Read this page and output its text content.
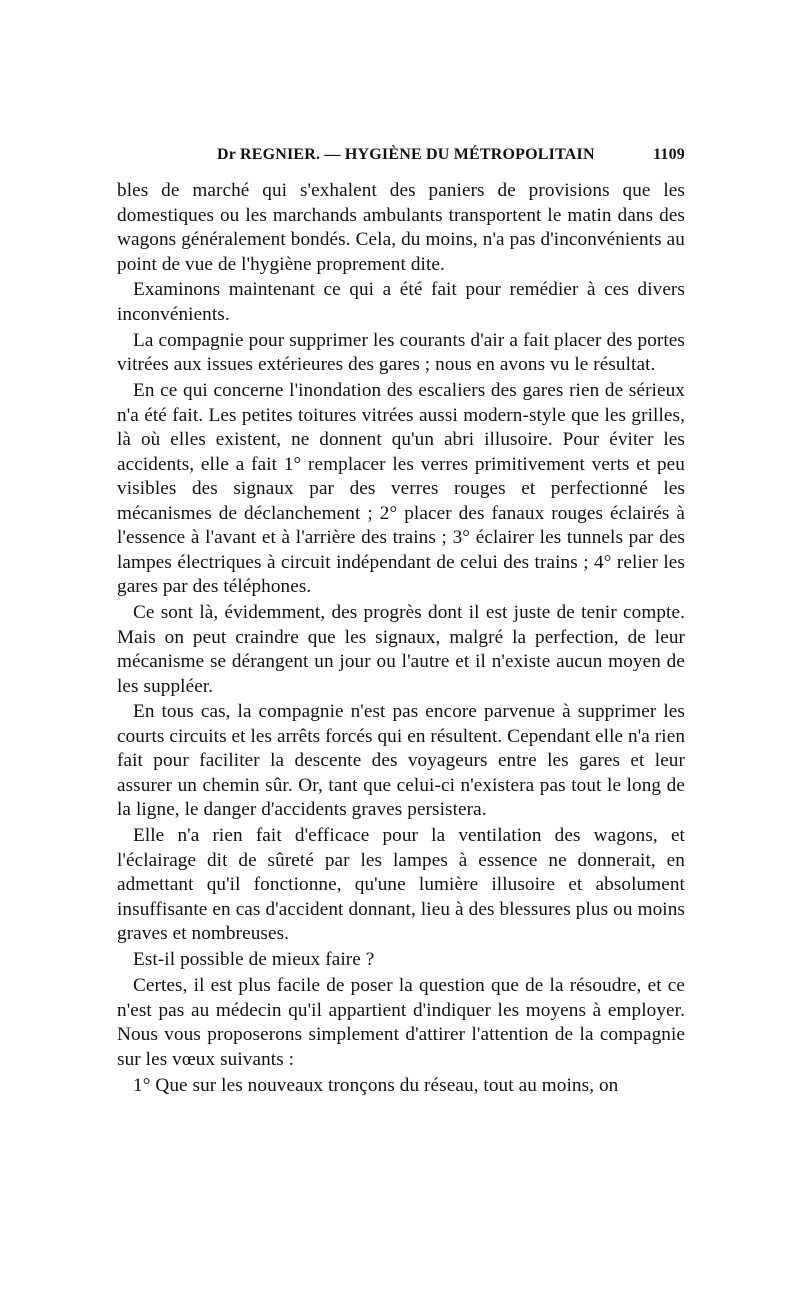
Dr REGNIER. — HYGIÈNE DU MÉTROPOLITAIN	1109

bles de marché qui s'exhalent des paniers de provisions que les domestiques ou les marchands ambulants transportent le matin dans des wagons généralement bondés. Cela, du moins, n'a pas d'inconvénients au point de vue de l'hygiène proprement dite.

Examinons maintenant ce qui a été fait pour remédier à ces divers inconvénients.

La compagnie pour supprimer les courants d'air a fait placer des portes vitrées aux issues extérieures des gares ; nous en avons vu le résultat.

En ce qui concerne l'inondation des escaliers des gares rien de sérieux n'a été fait. Les petites toitures vitrées aussi modern-style que les grilles, là où elles existent, ne donnent qu'un abri illusoire. Pour éviter les accidents, elle a fait 1° remplacer les verres primitivement verts et peu visibles des signaux par des verres rouges et perfectionné les mécanismes de déclanchement ; 2° placer des fanaux rouges éclairés à l'essence à l'avant et à l'arrière des trains ; 3° éclairer les tunnels par des lampes électriques à circuit indépendant de celui des trains ; 4° relier les gares par des téléphones.

Ce sont là, évidemment, des progrès dont il est juste de tenir compte. Mais on peut craindre que les signaux, malgré la perfection, de leur mécanisme se dérangent un jour ou l'autre et il n'existe aucun moyen de les suppléer.

En tous cas, la compagnie n'est pas encore parvenue à supprimer les courts circuits et les arrêts forcés qui en résultent. Cependant elle n'a rien fait pour faciliter la descente des voyageurs entre les gares et leur assurer un chemin sûr. Or, tant que celui-ci n'existera pas tout le long de la ligne, le danger d'accidents graves persistera.

Elle n'a rien fait d'efficace pour la ventilation des wagons, et l'éclairage dit de sûreté par les lampes à essence ne donnerait, en admettant qu'il fonctionne, qu'une lumière illusoire et absolument insuffisante en cas d'accident donnant, lieu à des blessures plus ou moins graves et nombreuses.

Est-il possible de mieux faire ?

Certes, il est plus facile de poser la question que de la résoudre, et ce n'est pas au médecin qu'il appartient d'indiquer les moyens à employer. Nous vous proposerons simplement d'attirer l'attention de la compagnie sur les vœux suivants :

1° Que sur les nouveaux tronçons du réseau, tout au moins, on
